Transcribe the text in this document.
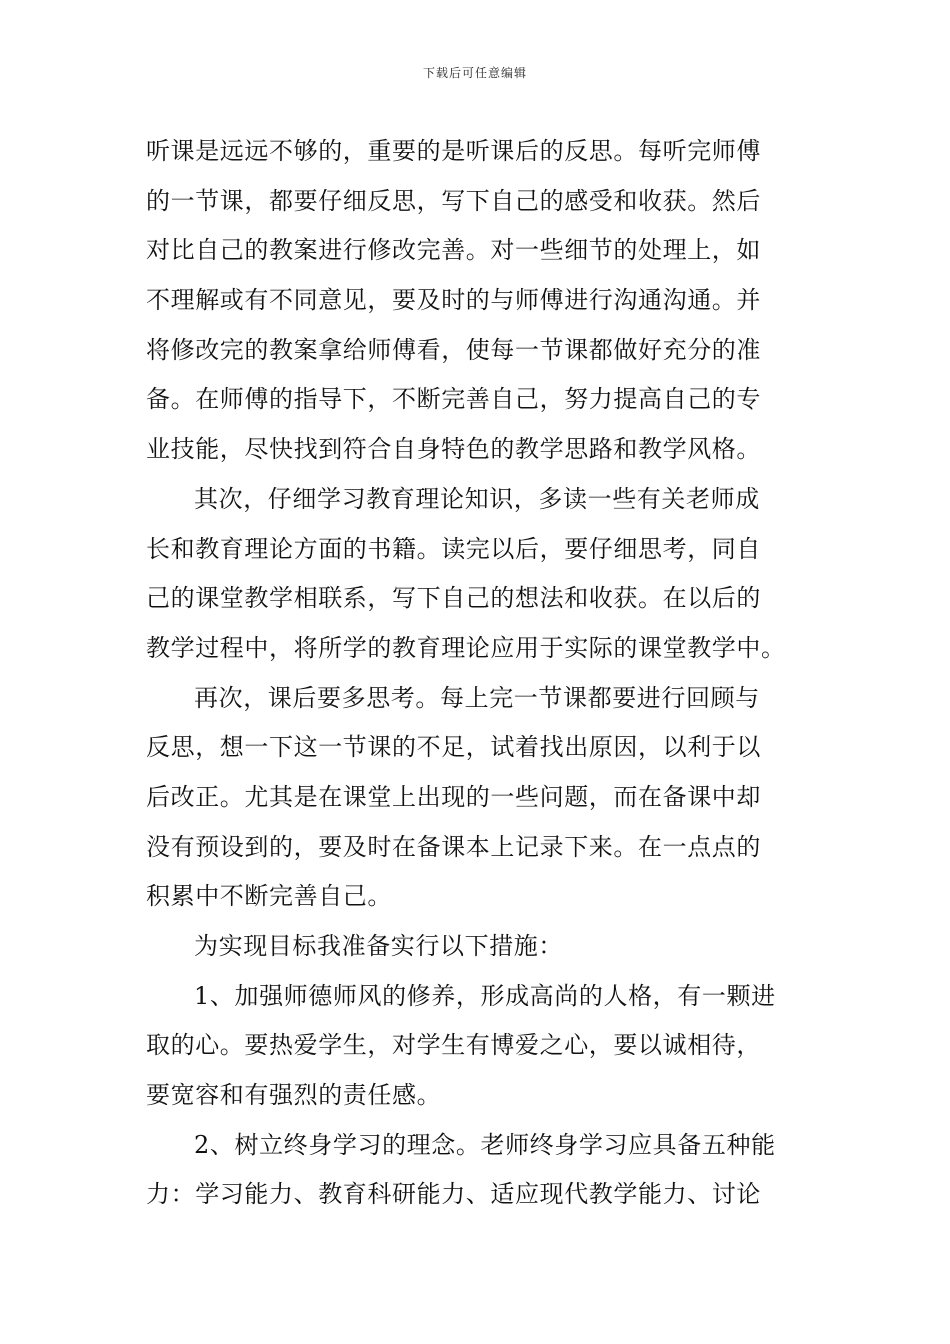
下载后可任意编辑
听课是远远不够的，重要的是听课后的反思。每听完师傅
的一节课，都要仔细反思，写下自己的感受和收获。然后
对比自己的教案进行修改完善。对一些细节的处理上，如
不理解或有不同意见，要及时的与师傅进行沟通沟通。并
将修改完的教案拿给师傅看，使每一节课都做好充分的准
备。在师傅的指导下，不断完善自己，努力提高自己的专
业技能，尽快找到符合自身特色的教学思路和教学风格。
其次，仔细学习教育理论知识，多读一些有关老师成
长和教育理论方面的书籍。读完以后，要仔细思考，同自
己的课堂教学相联系，写下自己的想法和收获。在以后的
教学过程中，将所学的教育理论应用于实际的课堂教学中。
再次，课后要多思考。每上完一节课都要进行回顾与
反思，想一下这一节课的不足，试着找出原因，以利于以
后改正。尤其是在课堂上出现的一些问题，而在备课中却
没有预设到的，要及时在备课本上记录下来。在一点点的
积累中不断完善自己。
为实现目标我准备实行以下措施：
1、加强师德师风的修养，形成高尚的人格，有一颗进
取的心。要热爱学生，对学生有博爱之心，要以诚相待，
要宽容和有强烈的责任感。
2、树立终身学习的理念。老师终身学习应具备五种能
力：学习能力、教育科研能力、适应现代教学能力、讨论
